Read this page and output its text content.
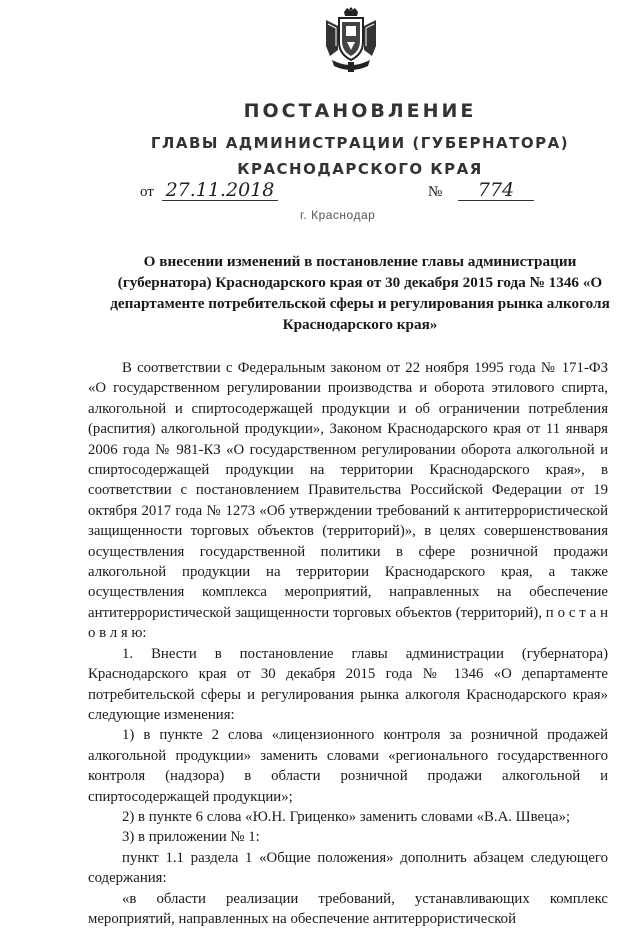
ПОСТАНОВЛЕНИЕ
ГЛАВЫ АДМИНИСТРАЦИИ (ГУБЕРНАТОРА)
КРАСНОДАРСКОГО КРАЯ
от 27.11.2018	№	774
г. Краснодар
О внесении изменений в постановление главы администрации (губернатора) Краснодарского края от 30 декабря 2015 года № 1346 «О департаменте потребительской сферы и регулирования рынка алкоголя Краснодарского края»

В соответствии с Федеральным законом от 22 ноября 1995 года № 171-ФЗ «О государственном регулировании производства и оборота этилового спирта, алкогольной и спиртосодержащей продукции и об ограничении потребления (распития) алкогольной продукции», Законом Краснодарского края от 11 января 2006 года № 981-КЗ «О государственном регулировании оборота алкогольной и спиртосодержащей продукции на территории Краснодарского края», в соответствии с постановлением Правительства Российской Федерации от 19 октября 2017 года № 1273 «Об утверждении требований к антитеррористической защищенности торговых объектов (территорий)», в целях совершенствования осуществления государственной политики в сфере розничной продажи алкогольной продукции на территории Краснодарского края, а также осуществления комплекса мероприятий, направленных на обеспечение антитеррористической защищенности торговых объектов (территорий), п о с т а н о в л я ю:

1. Внести в постановление главы администрации (губернатора) Краснодарского края от 30 декабря 2015 года № 1346 «О департаменте потребительской сферы и регулирования рынка алкоголя Краснодарского края» следующие изменения:

1) в пункте 2 слова «лицензионного контроля за розничной продажей алкогольной продукции» заменить словами «регионального государственного контроля (надзора) в области розничной продажи алкогольной и спиртосодержащей продукции»;

2) в пункте 6 слова «Ю.Н. Гриценко» заменить словами «В.А. Швеца»;

3) в приложении № 1:

пункт 1.1 раздела 1 «Общие положения» дополнить абзацем следующего содержания:

«в области реализации требований, устанавливающих комплекс мероприятий, направленных на обеспечение антитеррористической
